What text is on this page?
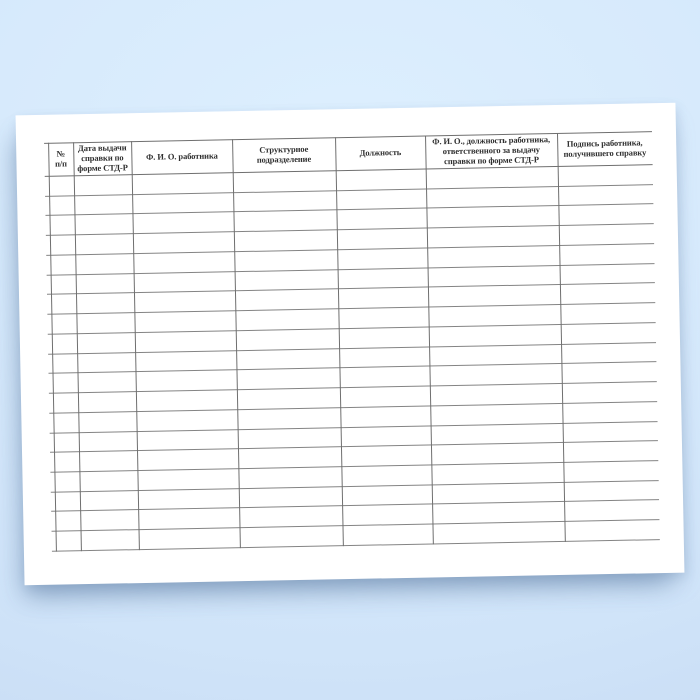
№
п/п
Дата выдачи
справки по
форме СТД-Р
Ф. И. О. работника
Структурное
подразделение
Должность
Ф. И. О., должность работника,
ответственного за выдачу
справки по форме СТД-Р
Подпись работника,
получившего справку
